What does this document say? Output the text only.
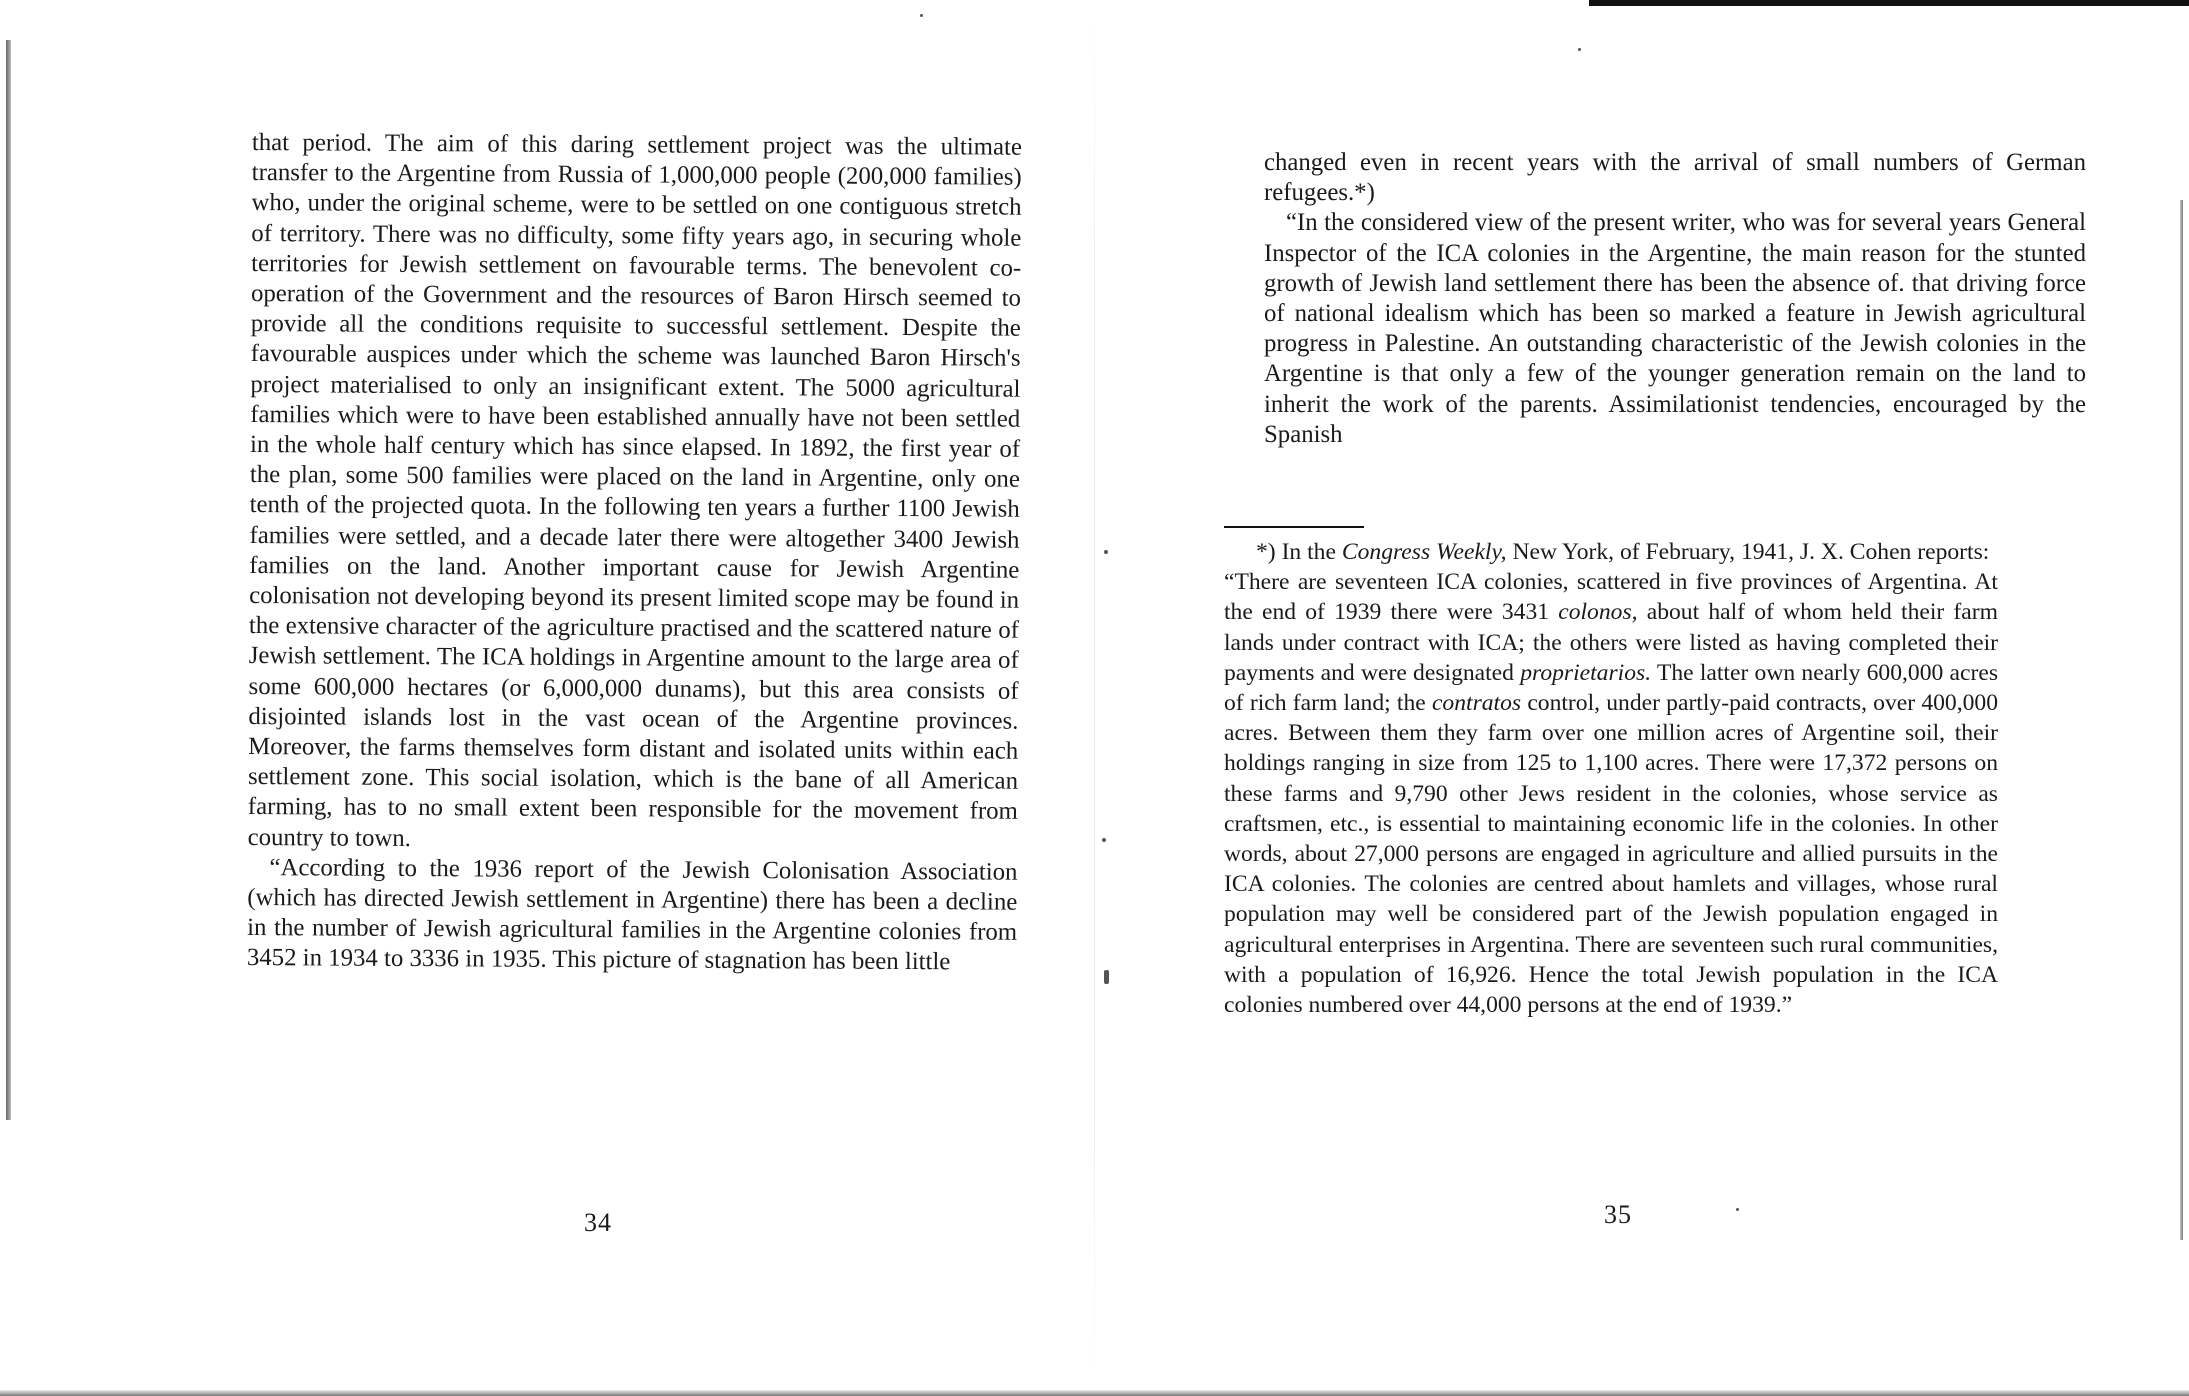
that period. The aim of this daring settlement project was the ultimate transfer to the Argentine from Russia of 1,000,000 people (200,000 families) who, under the original scheme, were to be settled on one contiguous stretch of territory. There was no difficulty, some fifty years ago, in securing whole territories for Jewish settlement on favourable terms. The benevolent co-operation of the Government and the resources of Baron Hirsch seemed to provide all the conditions requisite to successful settlement. Despite the favourable auspices under which the scheme was launched Baron Hirsch's project materialised to only an insignificant extent. The 5000 agricultural families which were to have been established annually have not been settled in the whole half century which has since elapsed. In 1892, the first year of the plan, some 500 families were placed on the land in Argentine, only one tenth of the projected quota. In the following ten years a further 1100 Jewish families were settled, and a decade later there were altogether 3400 Jewish families on the land. Another important cause for Jewish Argentine colonisation not developing beyond its present limited scope may be found in the extensive character of the agriculture practised and the scattered nature of Jewish settlement. The ICA holdings in Argentine amount to the large area of some 600,000 hectares (or 6,000,000 dunams), but this area consists of disjointed islands lost in the vast ocean of the Argentine provinces. Moreover, the farms themselves form distant and isolated units within each settlement zone. This social isolation, which is the bane of all American farming, has to no small extent been responsible for the movement from country to town.

“According to the 1936 report of the Jewish Colonisation Association (which has directed Jewish settlement in Argentine) there has been a decline in the number of Jewish agricultural families in the Argentine colonies from 3452 in 1934 to 3336 in 1935. This picture of stagnation has been little

34

changed even in recent years with the arrival of small numbers of German refugees.*)

“In the considered view of the present writer, who was for several years General Inspector of the ICA colonies in the Argentine, the main reason for the stunted growth of Jewish land settlement there has been the absence of. that driving force of national idealism which has been so marked a feature in Jewish agricultural progress in Palestine. An outstanding characteristic of the Jewish colonies in the Argentine is that only a few of the younger generation remain on the land to inherit the work of the parents. Assimilationist tendencies, encouraged by the Spanish

35

*) In the Congress Weekly, New York, of February, 1941, J. X. Cohen reports:

“There are seventeen ICA colonies, scattered in five provinces of Argentina. At the end of 1939 there were 3431 colonos, about half of whom held their farm lands under contract with ICA; the others were listed as having completed their payments and were designated proprietarios. The latter own nearly 600,000 acres of rich farm land; the contratos control, under partly-paid contracts, over 400,000 acres. Between them they farm over one million acres of Argentine soil, their holdings ranging in size from 125 to 1,100 acres. There were 17,372 persons on these farms and 9,790 other Jews resident in the colonies, whose service as craftsmen, etc., is essential to maintaining economic life in the colonies. In other words, about 27,000 persons are engaged in agriculture and allied pursuits in the ICA colonies. The colonies are centred about hamlets and villages, whose rural population may well be considered part of the Jewish population engaged in agricultural enterprises in Argentina. There are seventeen such rural communities, with a population of 16,926. Hence the total Jewish population in the ICA colonies numbered over 44,000 persons at the end of 1939.”
